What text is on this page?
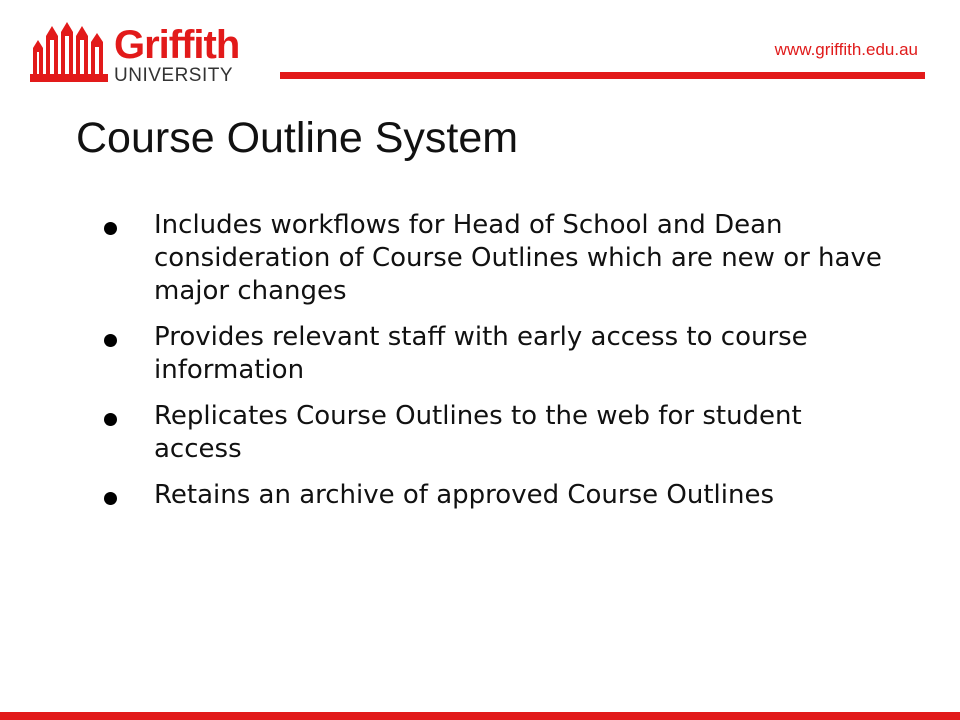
Griffith
UNIVERSITY
www.griffith.edu.au
Course Outline System
Includes workflows for Head of School and Dean consideration of Course Outlines which are new or have major changes
Provides relevant staff with early access to course information
Replicates Course Outlines to the web for student access
Retains an archive of approved Course Outlines
